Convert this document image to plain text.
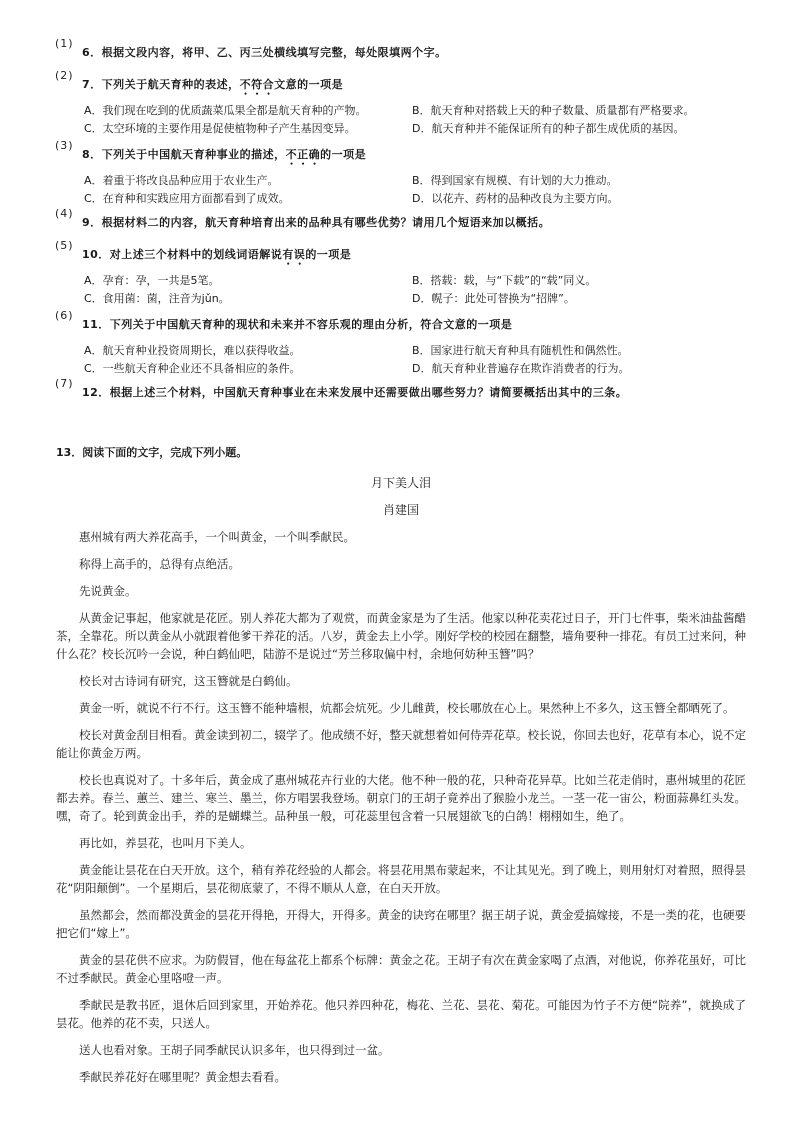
(1)
6．根据文段内容，将甲、乙、丙三处横线填写完整，每处限填两个字。
(2)
7．下列关于航天育种的表述，不符合文意的一项是
A．我们现在吃到的优质蔬菜瓜果全都是航天育种的产物。	B．航天育种对搭载上天的种子数量、质量都有严格要求。
C．太空环境的主要作用是促使植物种子产生基因变异。	D．航天育种并不能保证所有的种子都生成优质的基因。
(3)
8．下列关于中国航天育种事业的描述，不正确的一项是
A．着重于将改良品种应用于农业生产。	B．得到国家有规模、有计划的大力推动。
C．在育种和实践应用方面都看到了成效。	D．以花卉、药材的品种改良为主要方向。
(4)
9．根据材料二的内容，航天育种培育出来的品种具有哪些优势？请用几个短语来加以概括。
(5)
10．对上述三个材料中的划线词语解说有误的一项是
A．孕育：孕，一共是5笔。	B．搭载：载，与“下载”的“载”同义。
C．食用菌：菌，注音为jǔn。	D．幌子：此处可替换为“招牌”。
(6)
11．下列关于中国航天育种的现状和未来并不容乐观的理由分析，符合文意的一项是
A．航天育种业投资周期长，难以获得收益。	B．国家进行航天育种具有随机性和偶然性。
C．一些航天育种企业还不具备相应的条件。	D．航天育种业普遍存在欺诈消费者的行为。
(7)
12．根据上述三个材料，中国航天育种事业在未来发展中还需要做出哪些努力？请简要概括出其中的三条。
13．阅读下面的文字，完成下列小题。
月下美人泪
肖建国

惠州城有两大养花高手，一个叫黄金，一个叫季献民。

称得上高手的，总得有点绝活。

先说黄金。

从黄金记事起，他家就是花匠。别人养花大都为了观赏，而黄金家是为了生活。他家以种花卖花过日子，开门七件事，柴米油盐酱醋茶，全靠花。所以黄金从小就跟着他爹干养花的活。八岁，黄金去上小学。刚好学校的校园在翻整，墙角要种一排花。有员工过来问，种什么花？校长沉吟一会说，种白鹤仙吧，陆游不是说过“芳兰移取偏中村，余地何妨种玉簪”吗？

校长对古诗词有研究，这玉簪就是白鹤仙。

黄金一听，就说不行不行。这玉簪不能种墙根，炕都会炕死。少儿雌黄，校长哪放在心上。果然种上不多久，这玉簪全都晒死了。

校长对黄金刮目相看。黄金读到初二，辍学了。他成绩不好，整天就想着如何侍弄花草。校长说，你回去也好，花草有本心，说不定能让你黄金万两。

校长也真说对了。十多年后，黄金成了惠州城花卉行业的大佬。他不种一般的花，只种奇花异草。比如兰花走俏时，惠州城里的花匠都去养。春兰、蕙兰、建兰、寒兰、墨兰，你方唱罢我登场。朝京门的王胡子竟养出了猴脸小龙兰。一茎一花一宙公，粉面蒜鼻红头发。嘿，奇了。轮到黄金出手，养的是蝴蝶兰。品种虽一般，可花蕊里包含着一只展翅欲飞的白鸽！栩栩如生，绝了。

再比如，养昙花，也叫月下美人。

黄金能让昙花在白天开放。这个，稍有养花经验的人都会。将昙花用黑布蒙起来，不让其见光。到了晚上，则用射灯对着照，照得昙花“阴阳颠倒”。一个星期后，昙花彻底蒙了，不得不顺从人意，在白天开放。

虽然都会，然而都没黄金的昙花开得艳，开得大，开得多。黄金的诀窍在哪里？据王胡子说，黄金爱搞嫁接，不是一类的花，也硬要把它们“嫁上”。

黄金的昙花供不应求。为防假冒，他在每盆花上都系个标牌：黄金之花。王胡子有次在黄金家喝了点酒，对他说，你养花虽好，可比不过季献民。黄金心里咯噔一声。

季献民是教书匠，退休后回到家里，开始养花。他只养四种花，梅花、兰花、昙花、菊花。可能因为竹子不方便“院养”，就换成了昙花。他养的花不卖，只送人。

送人也看对象。王胡子同季献民认识多年，也只得到过一盆。

季献民养花好在哪里呢？黄金想去看看。
